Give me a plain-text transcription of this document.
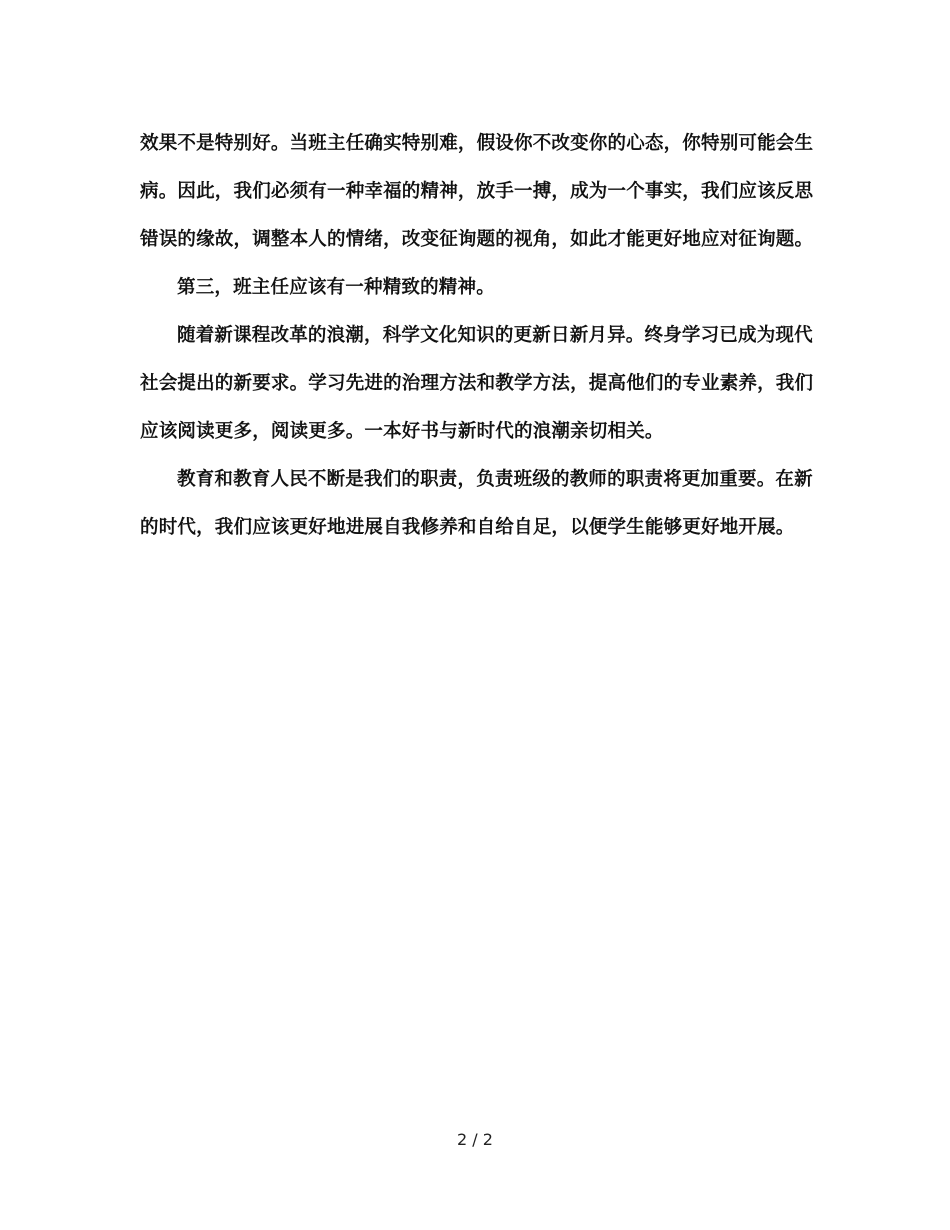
效果不是特别好。当班主任确实特别难，假设你不改变你的心态，你特别可能会生
病。因此，我们必须有一种幸福的精神，放手一搏，成为一个事实，我们应该反思
错误的缘故，调整本人的情绪，改变征询题的视角，如此才能更好地应对征询题。
第三，班主任应该有一种精致的精神。
随着新课程改革的浪潮，科学文化知识的更新日新月异。终身学习已成为现代
社会提出的新要求。学习先进的治理方法和教学方法，提高他们的专业素养，我们
应该阅读更多，阅读更多。一本好书与新时代的浪潮亲切相关。
教育和教育人民不断是我们的职责，负责班级的教师的职责将更加重要。在新
的时代，我们应该更好地进展自我修养和自给自足，以便学生能够更好地开展。
2 / 2
